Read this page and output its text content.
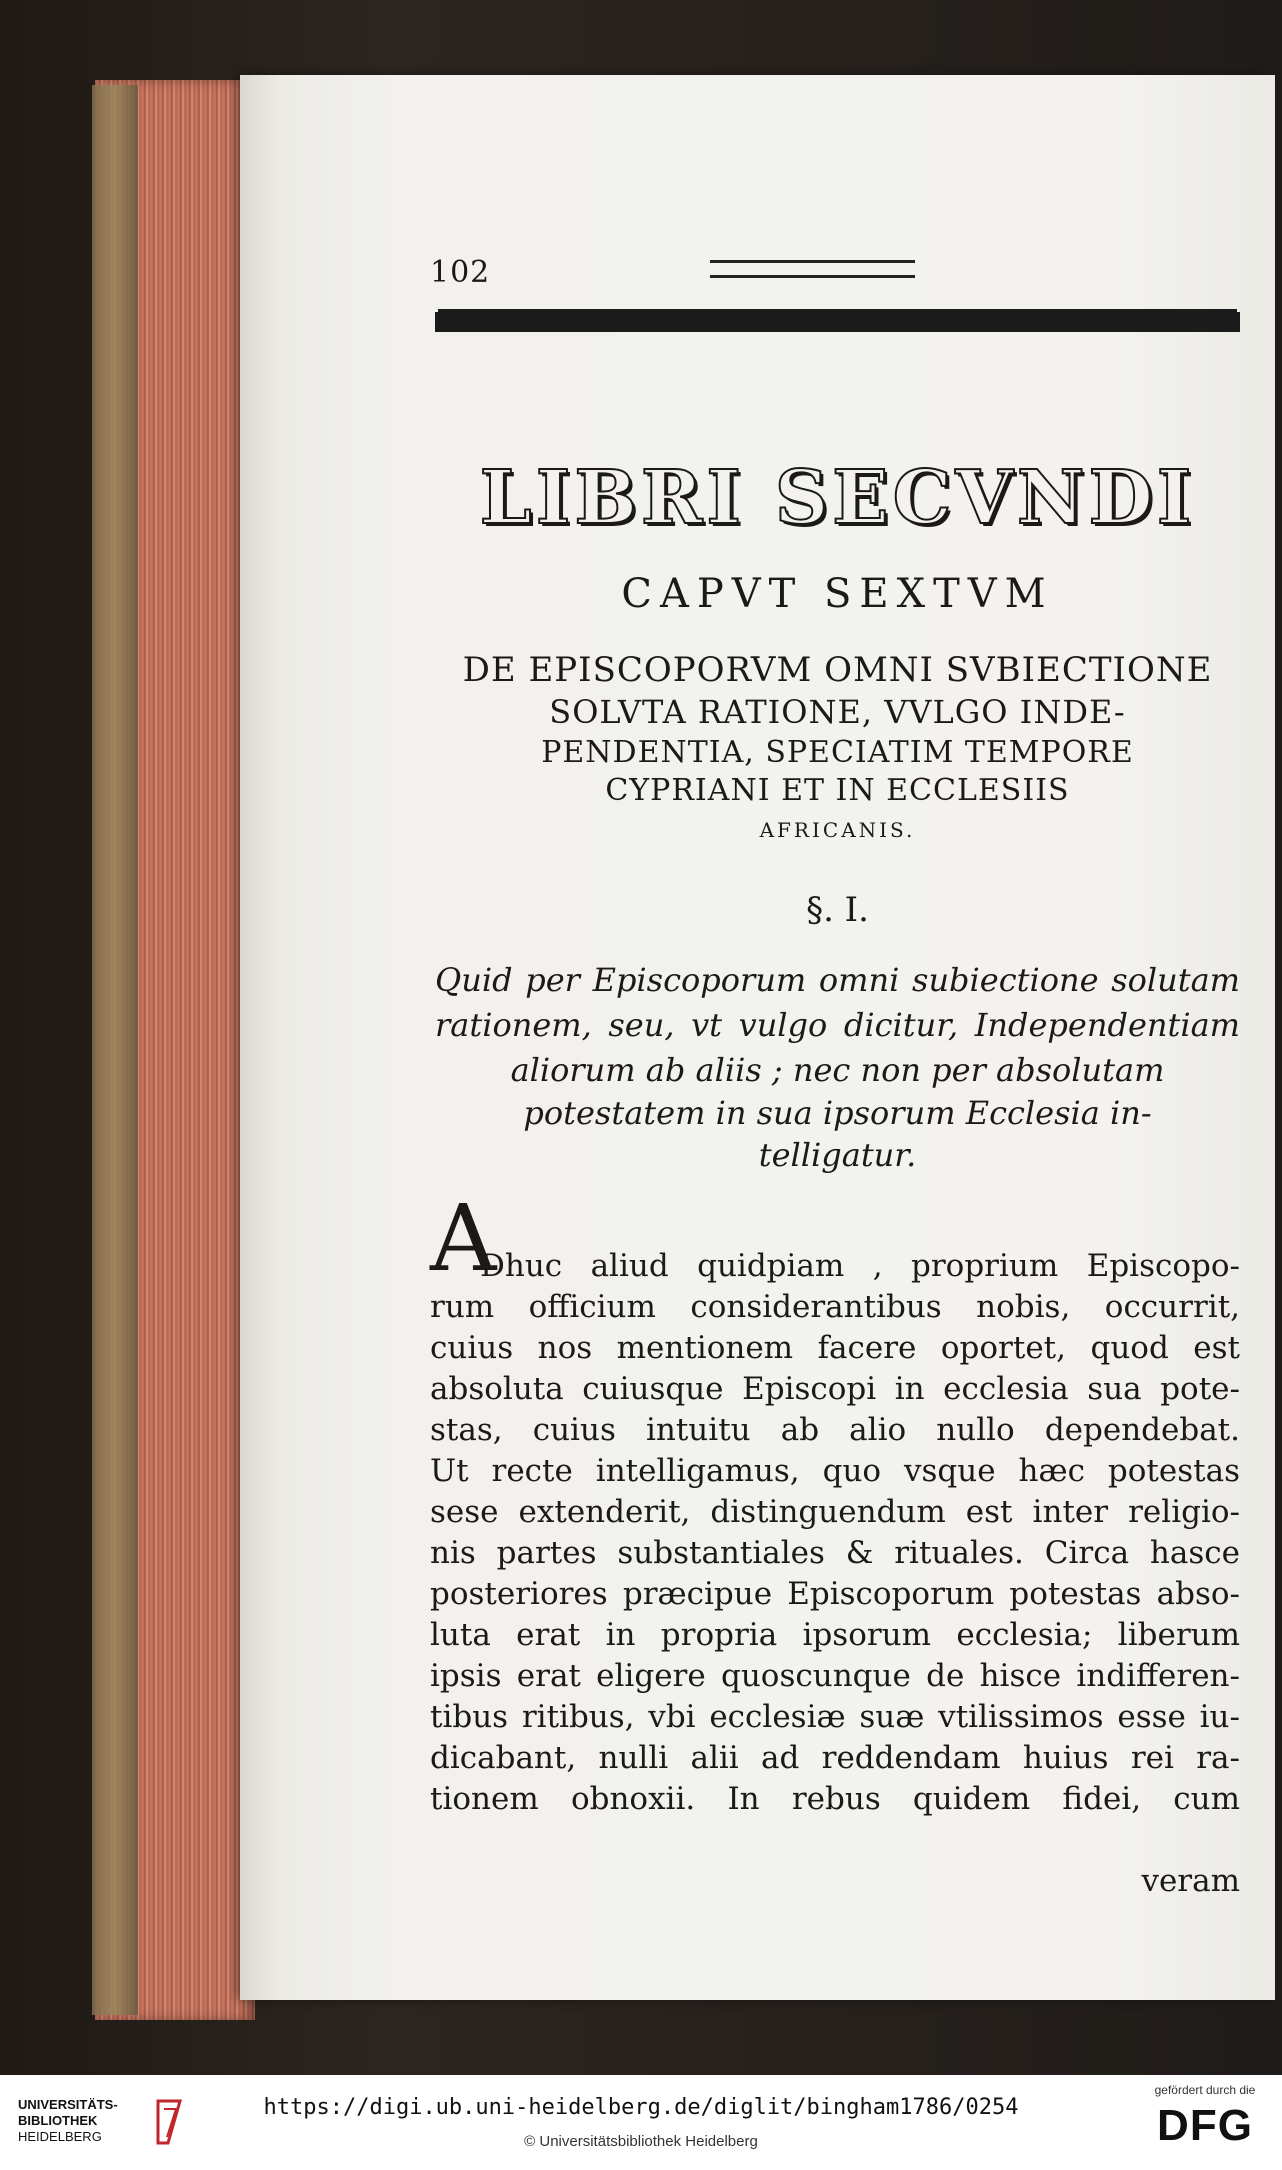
102
LIBRI SECVNDI
CAPVT SEXTVM
DE EPISCOPORVM OMNI SVBIECTIONE
SOLVTA RATIONE, VVLGO INDE-
PENDENTIA, SPECIATIM TEMPORE
CYPRIANI ET IN ECCLESIIS
AFRICANIS.
§. I.
Quid per Episcoporum omni subiectione solutam
rationem, seu, vt vulgo dicitur, Independentiam
aliorum ab aliis ; nec non per absolutam
potestatem in sua ipsorum Ecclesia in-
telligatur.
A
Dhuc aliud quidpiam , proprium Episcopo-
rum officium considerantibus nobis, occurrit,
cuius nos mentionem facere oportet, quod est
absoluta cuiusque Episcopi in ecclesia sua pote-
stas, cuius intuitu ab alio nullo dependebat.
Ut recte intelligamus, quo vsque hæc potestas
sese extenderit, distinguendum est inter religio-
nis partes substantiales & rituales. Circa hasce
posteriores præcipue Episcoporum potestas abso-
luta erat in propria ipsorum ecclesia; liberum
ipsis erat eligere quoscunque de hisce indifferen-
tibus ritibus, vbi ecclesiæ suæ vtilissimos esse iu-
dicabant, nulli alii ad reddendam huius rei ra-
tionem obnoxii. In rebus quidem fidei, cum
veram
UNIVERSITÄTS-
BIBLIOTHEK
HEIDELBERG
https://digi.ub.uni-heidelberg.de/diglit/bingham1786/0254
© Universitätsbibliothek Heidelberg
gefördert durch die
DFG
